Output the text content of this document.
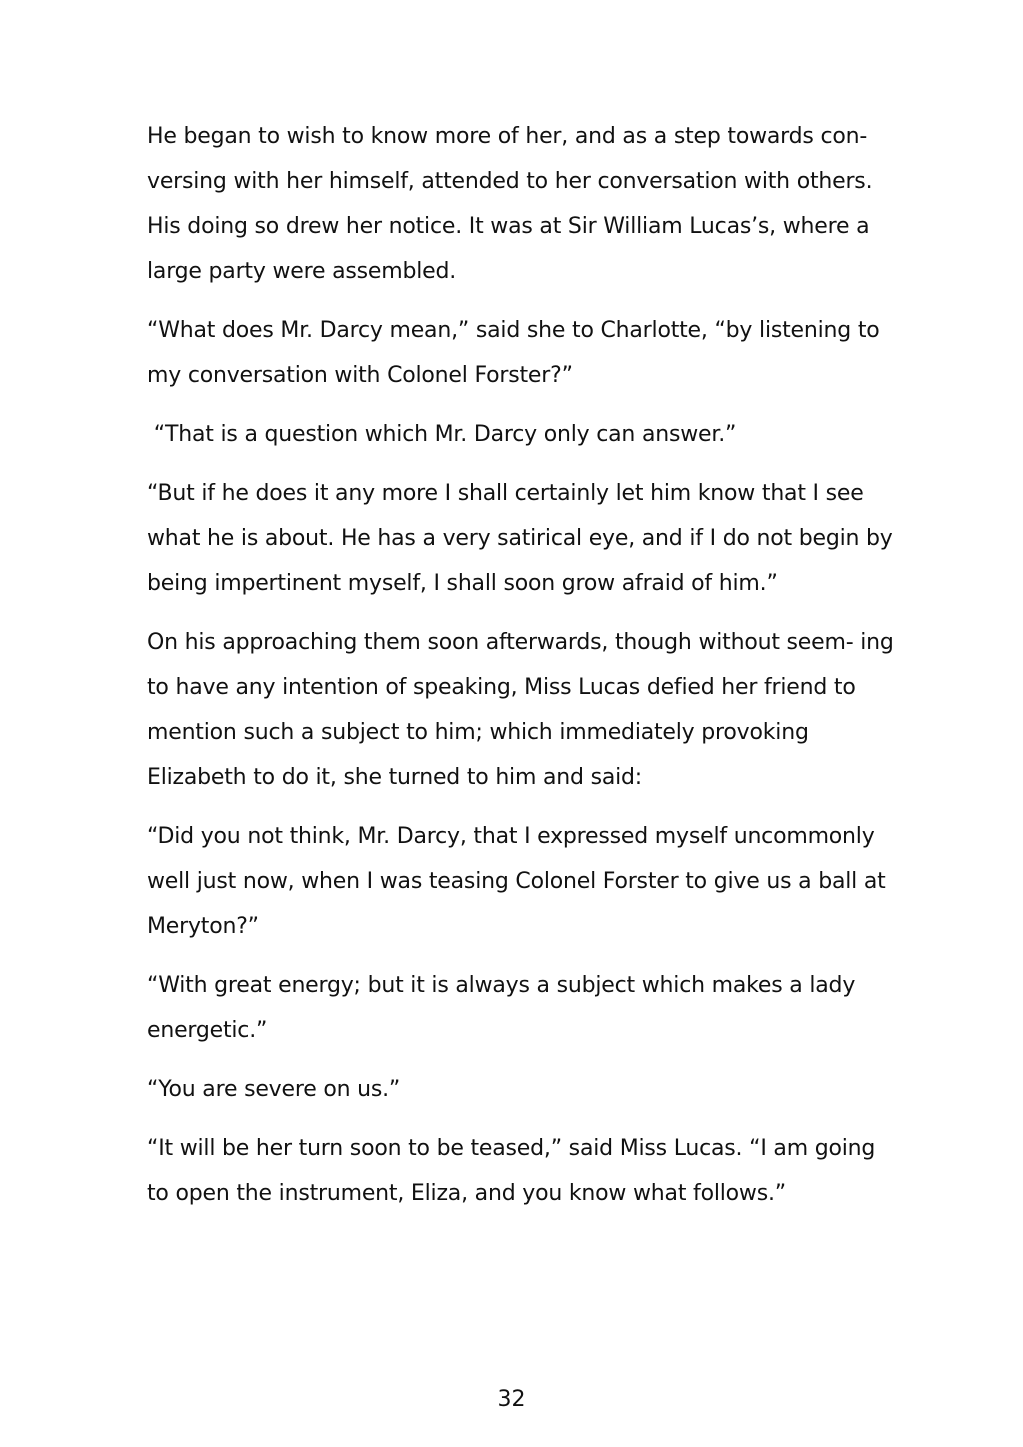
He began to wish to know more of her, and as a step towards con- versing with her himself, attended to her conversation with others. His doing so drew her notice. It was at Sir William Lucas’s, where a large party were assembled.

“What does Mr. Darcy mean,” said she to Charlotte, “by listening to my conversation with Colonel Forster?”

“That is a question which Mr. Darcy only can answer.”

“But if he does it any more I shall certainly let him know that I see what he is about. He has a very satirical eye, and if I do not begin by being impertinent myself, I shall soon grow afraid of him.”

On his approaching them soon afterwards, though without seem- ing to have any intention of speaking, Miss Lucas defied her friend to mention such a subject to him; which immediately provoking Elizabeth to do it, she turned to him and said:

“Did you not think, Mr. Darcy, that I expressed myself uncommonly well just now, when I was teasing Colonel Forster to give us a ball at Meryton?”

“With great energy; but it is always a subject which makes a lady energetic.”

“You are severe on us.”

“It will be her turn soon to be teased,” said Miss Lucas. “I am going to open the instrument, Eliza, and you know what follows.”

32
